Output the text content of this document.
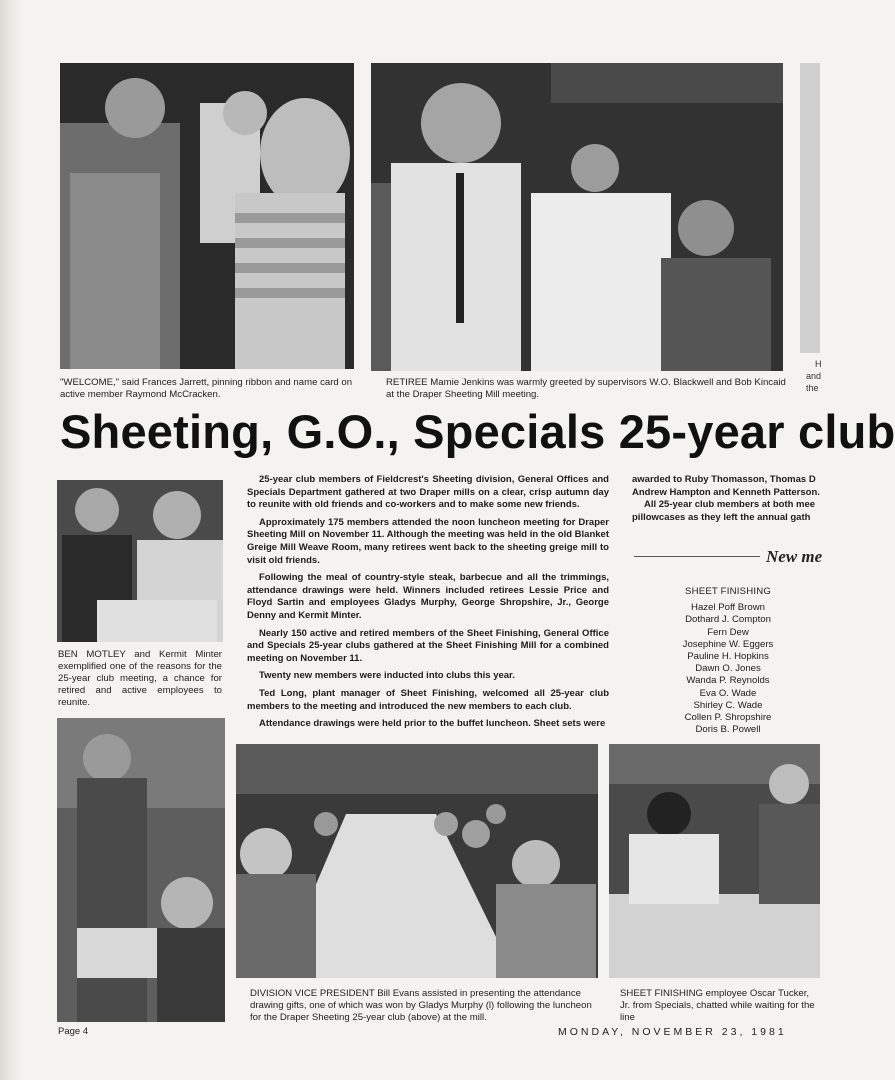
"WELCOME," said Frances Jarrett, pinning ribbon and name card on active member Raymond McCracken.
RETIREE Mamie Jenkins was warmly greeted by supervisors W.O. Blackwell and Bob Kincaid at the Draper Sheeting Mill meeting.
H
and
the
Sheeting, G.O., Specials 25-year club
BEN MOTLEY and Kermit Minter exemplified one of the reasons for the 25-year club meeting, a chance for retired and active employees to reunite.

25-year club members of Fieldcrest's Sheeting division, General Offices and Specials Department gathered at two Draper mills on a clear, crisp autumn day to reunite with old friends and co-workers and to make some new friends.

Approximately 175 members attended the noon luncheon meeting for Draper Sheeting Mill on November 11. Although the meeting was held in the old Blanket Greige Mill Weave Room, many retirees went back to the sheeting greige mill to visit old friends.

Following the meal of country-style steak, barbecue and all the trimmings, attendance drawings were held. Winners included retirees Lessie Price and Floyd Sartin and employees Gladys Murphy, George Shropshire, Jr., George Denny and Kermit Minter.

Nearly 150 active and retired members of the Sheet Finishing, General Office and Specials 25-year clubs gathered at the Sheet Finishing Mill for a combined meeting on November 11.

Twenty new members were inducted into clubs this year.

Ted Long, plant manager of Sheet Finishing, welcomed all 25-year club members to the meeting and introduced the new members to each club.

Attendance drawings were held prior to the buffet luncheon. Sheet sets were

awarded to Ruby Thomasson, Thomas D Andrew Hampton and Kenneth Patterson.

All 25-year club members at both mee pillowcases as they left the annual gath

New me
SHEET FINISHING
Hazel Poff Brown
Dothard J. Compton
Fern Dew
Josephine W. Eggers
Pauline H. Hopkins
Dawn O. Jones
Wanda P. Reynolds
Eva O. Wade
Shirley C. Wade
Collen P. Shropshire
Doris B. Powell
DIVISION VICE PRESIDENT Bill Evans assisted in presenting the attendance drawing gifts, one of which was won by Gladys Murphy (l) following the luncheon for the Draper Sheeting 25-year club (above) at the mill.
SHEET FINISHING employee Oscar Tucker, Jr. from Specials, chatted while waiting for the line
Page 4	MONDAY, NOVEMBER 23, 1981
